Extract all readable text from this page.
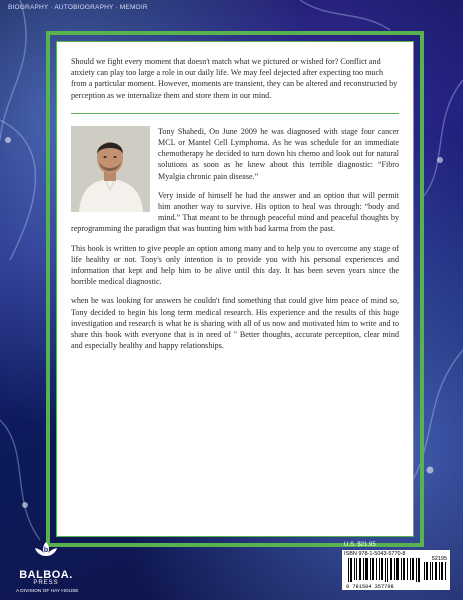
BIOGRAPHY · AUTOBIOGRAPHY · MEMOIR

Should we fight every moment that doesn't match what we pictured or wished for? Conflict and anxiety can play too large a role in our daily life. We may feel dejected after expecting too much from a particular moment. However, moments are transient, they can be altered and reconstructed by perception as we internalize them and store them in our mind.

Tony Shahedi, On June 2009 he was diagnosed with stage four cancer MCL or Mantel Cell Lymphoma. As he was schedule for an immediate chemotherapy he decided to turn down his chemo and look out for natural solutions as soon as he knew about this terrible diagnostic: “Fibro Myalgia chronic pain disease.”

Very inside of himself he had the answer and an option that will permit him another way to survive. His option to heal was through: “body and mind.” That meant to be through peaceful mind and peaceful thoughts by reprogramming the paradigm that was hunting him with bad karma from the past.

This book is written to give people an option among many and to help you to overcome any stage of life healthy or not. Tony's only intention is to provide you with his personal experiences and information that kept and help him to be alive until this day. It has been seven years since the horrible medical diagnostic.

when he was looking for answers he couldn't find something that could give him peace of mind so, Tony decided to begin his long term medical research. His experience and the results of this huge investigation and research is what he is sharing with all of us now and motivated him to write and to share this book with everyone that is in need of " Better thoughts, accurate perception, clear mind and especially healthy and happy relationships.

b
BALBOA.
PRESS
A DIVISION OF HAY HOUSE
U.S. $21.95
ISBN 978-1-5043-5770-8
52195
9 781504 357708
